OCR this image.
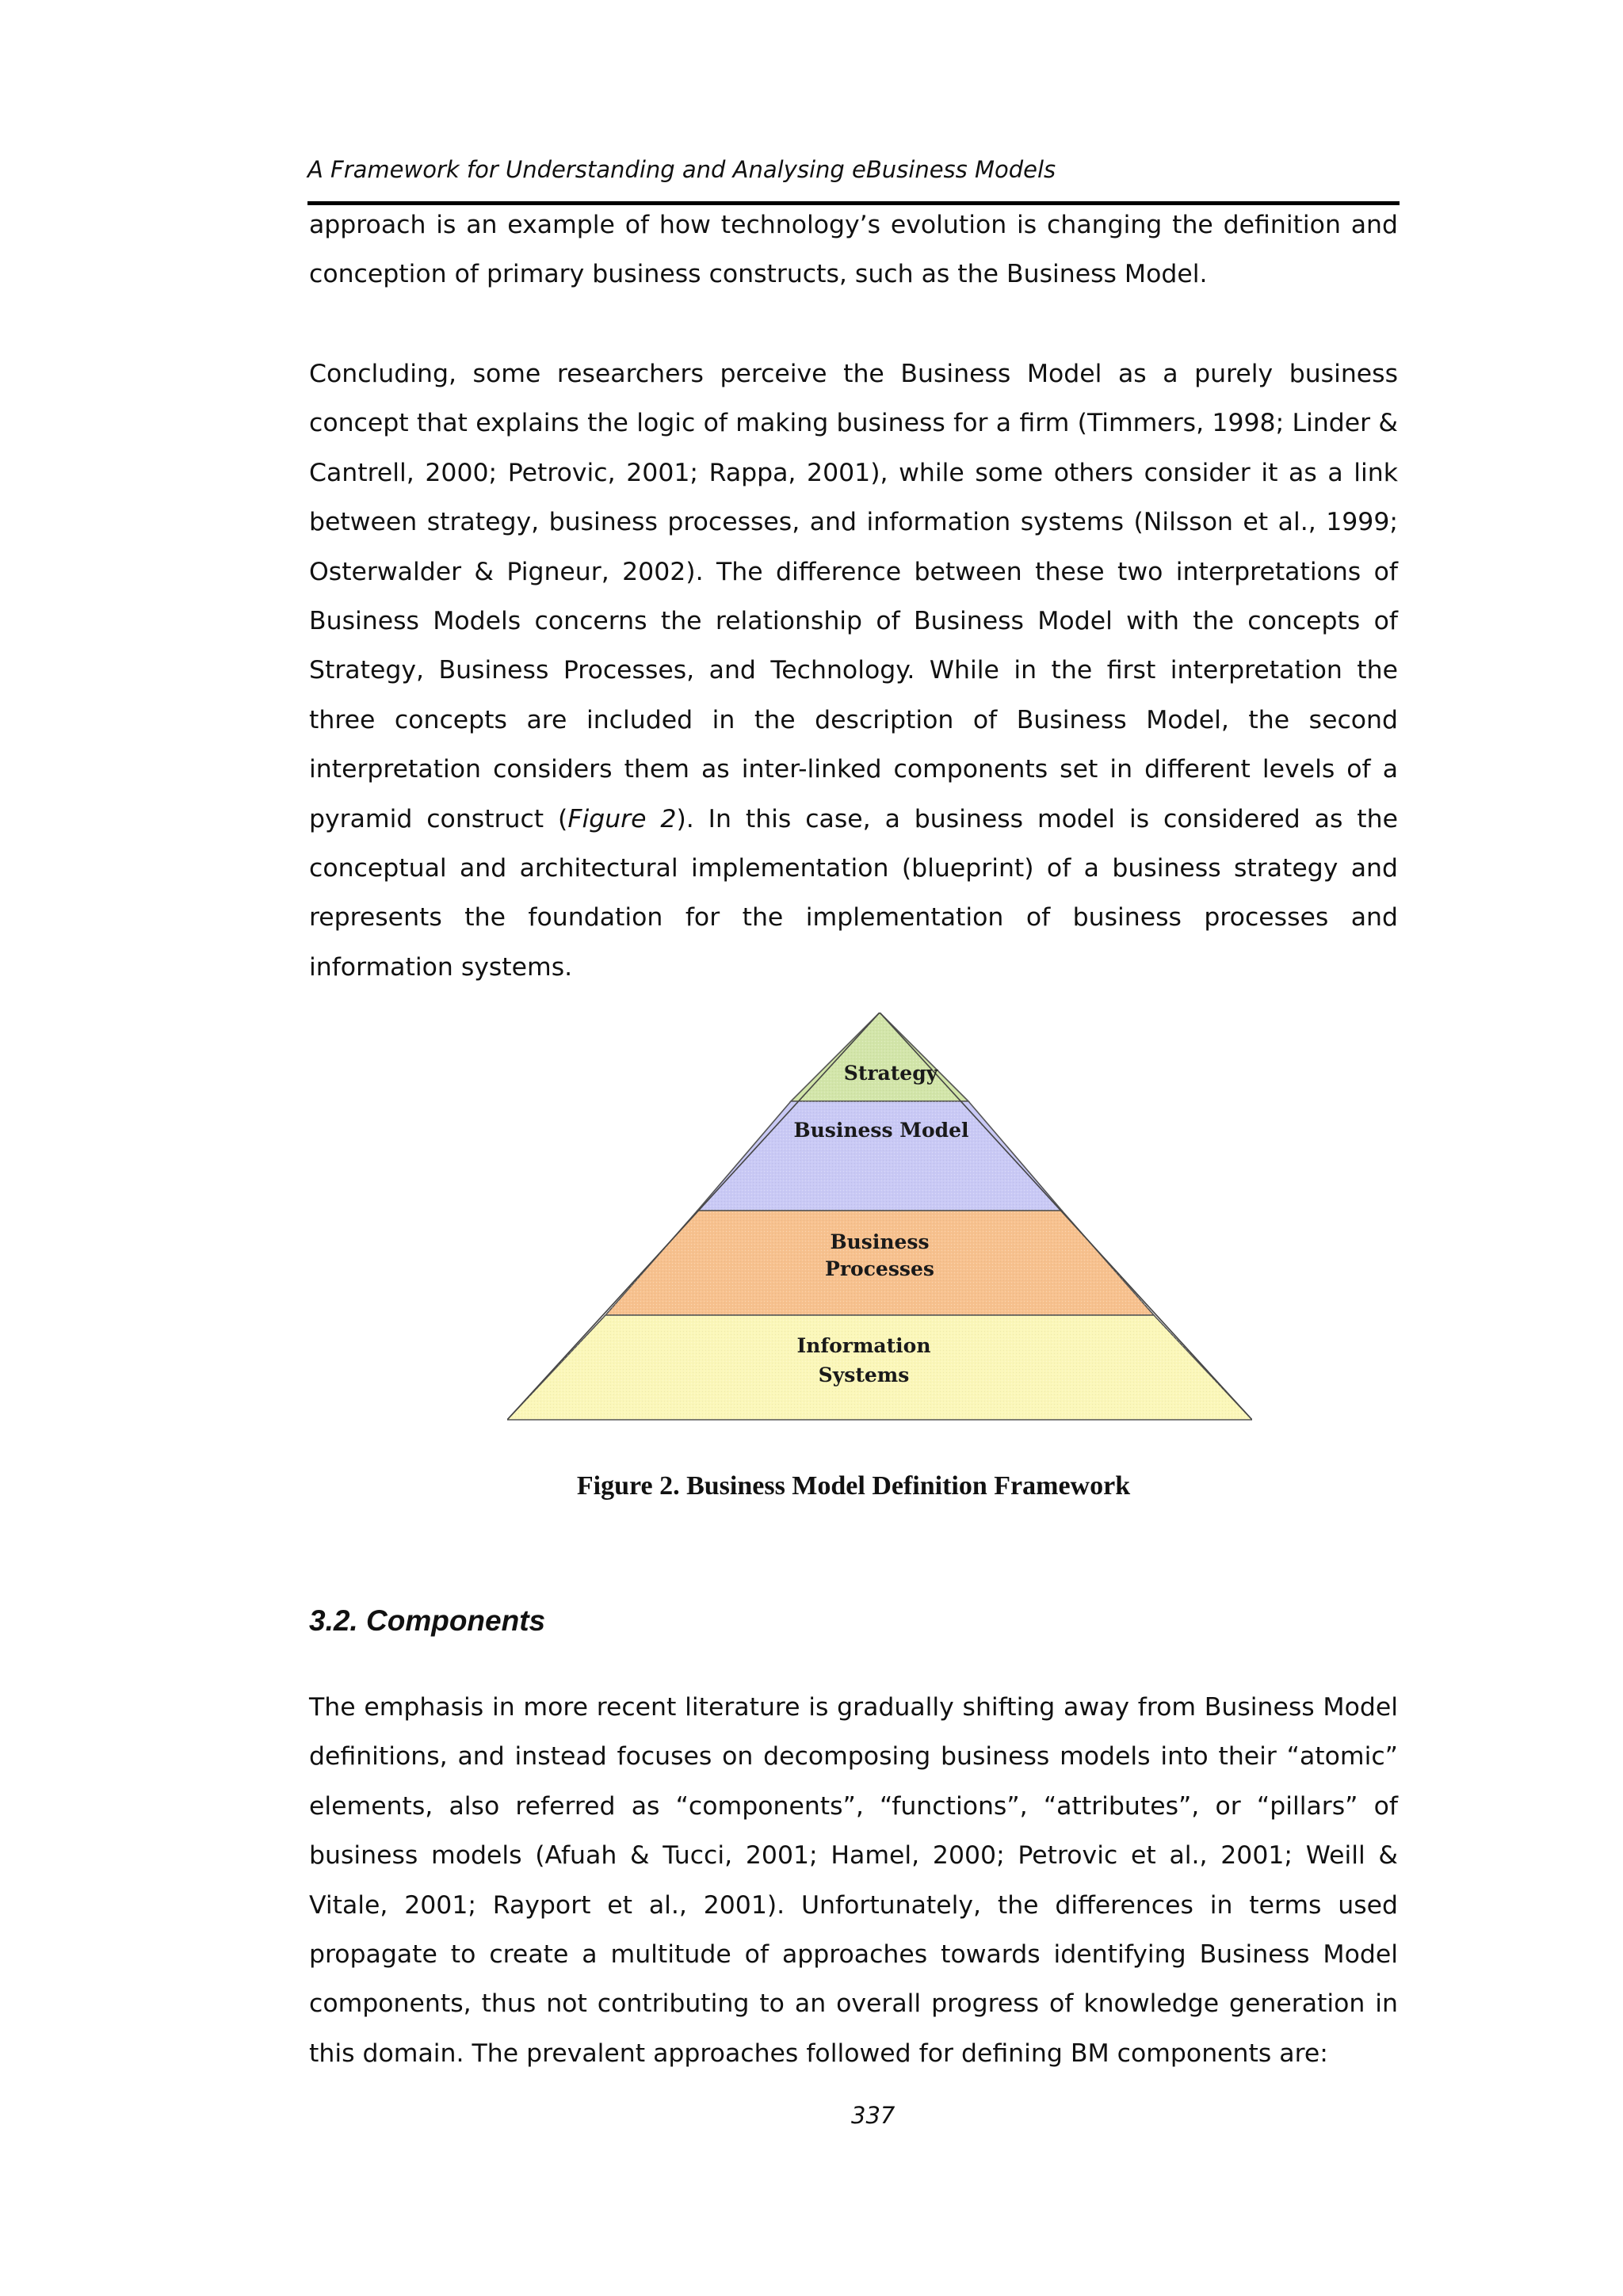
A Framework for Understanding and Analysing eBusiness Models

approach is an example of how technology’s evolution is changing the definition and conception of primary business constructs, such as the Business Model.

Concluding, some researchers perceive the Business Model as a purely business concept that explains the logic of making business for a firm (Timmers, 1998; Linder & Cantrell, 2000; Petrovic, 2001; Rappa, 2001), while some others consider it as a link between strategy, business processes, and information systems (Nilsson et al., 1999; Osterwalder & Pigneur, 2002). The difference between these two interpretations of Business Models concerns the relationship of Business Model with the concepts of Strategy, Business Processes, and Technology. While in the first interpretation the three concepts are included in the description of Business Model, the second interpretation considers them as inter-linked components set in different levels of a pyramid construct (Figure 2). In this case, a business model is considered as the conceptual and architectural implementation (blueprint) of a business strategy and represents the foundation for the implementation of business processes and information systems.

Strategy
Business Model
Business Processes
Information Systems
Figure 2. Business Model Definition Framework
3.2. Components

The emphasis in more recent literature is gradually shifting away from Business Model definitions, and instead focuses on decomposing business models into their “atomic” elements, also referred as “components”, “functions”, “attributes”, or “pillars” of business models (Afuah & Tucci, 2001; Hamel, 2000; Petrovic et al., 2001; Weill & Vitale, 2001; Rayport et al., 2001). Unfortunately, the differences in terms used propagate to create a multitude of approaches towards identifying Business Model components, thus not contributing to an overall progress of knowledge generation in this domain. The prevalent approaches followed for defining BM components are:

337
